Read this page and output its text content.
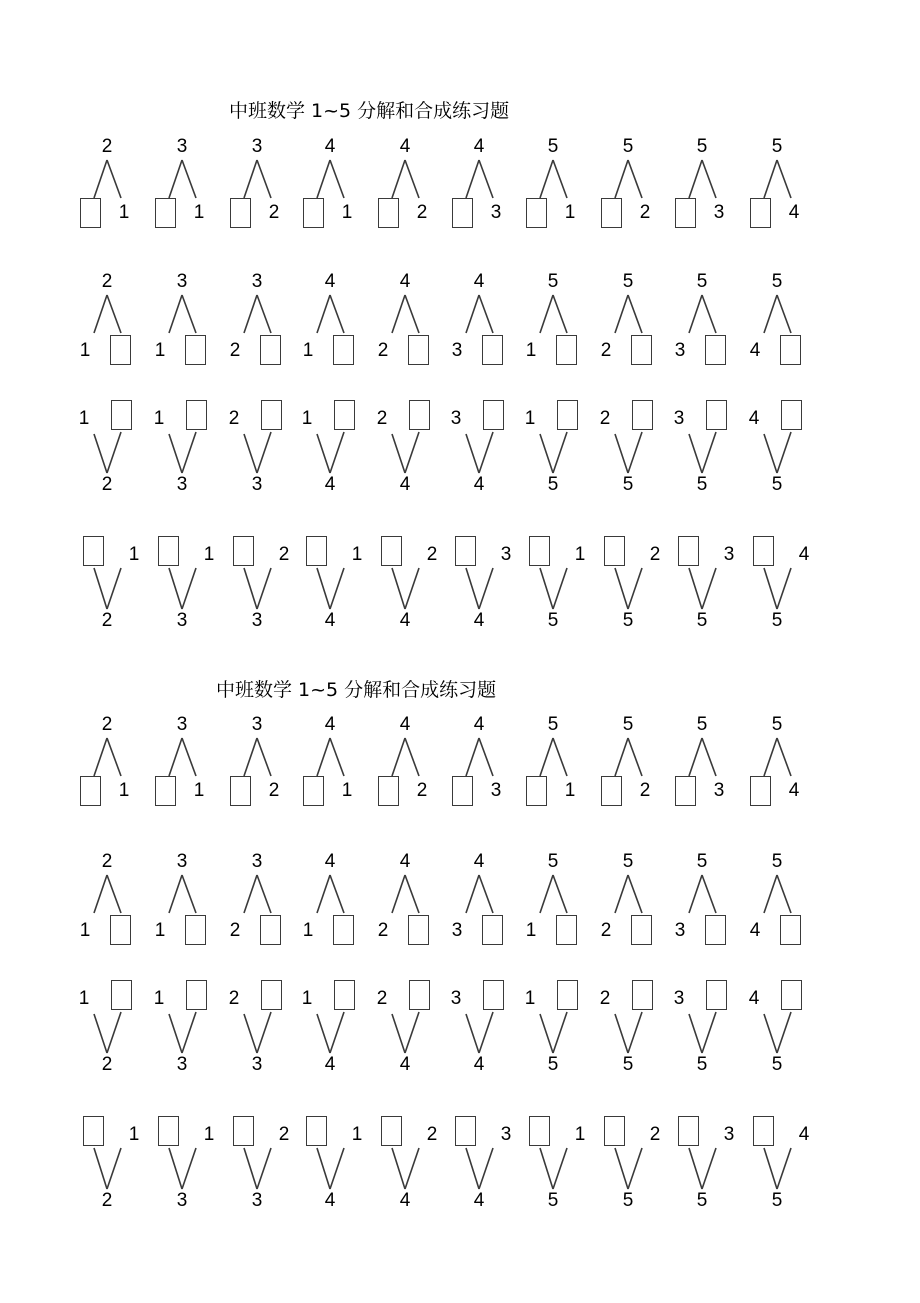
中班数学 1~5 分解和合成练习题
2
1
3
1
3
2
4
1
4
2
4
3
5
1
5
2
5
3
5
4
2
1
3
1
3
2
4
1
4
2
4
3
5
1
5
2
5
3
5
4
1
2
1
3
2
3
1
4
2
4
3
4
1
5
2
5
3
5
4
5
1
2
1
3
2
3
1
4
2
4
3
4
1
5
2
5
3
5
4
5
中班数学 1~5 分解和合成练习题
2
1
3
1
3
2
4
1
4
2
4
3
5
1
5
2
5
3
5
4
2
1
3
1
3
2
4
1
4
2
4
3
5
1
5
2
5
3
5
4
1
2
1
3
2
3
1
4
2
4
3
4
1
5
2
5
3
5
4
5
1
2
1
3
2
3
1
4
2
4
3
4
1
5
2
5
3
5
4
5
